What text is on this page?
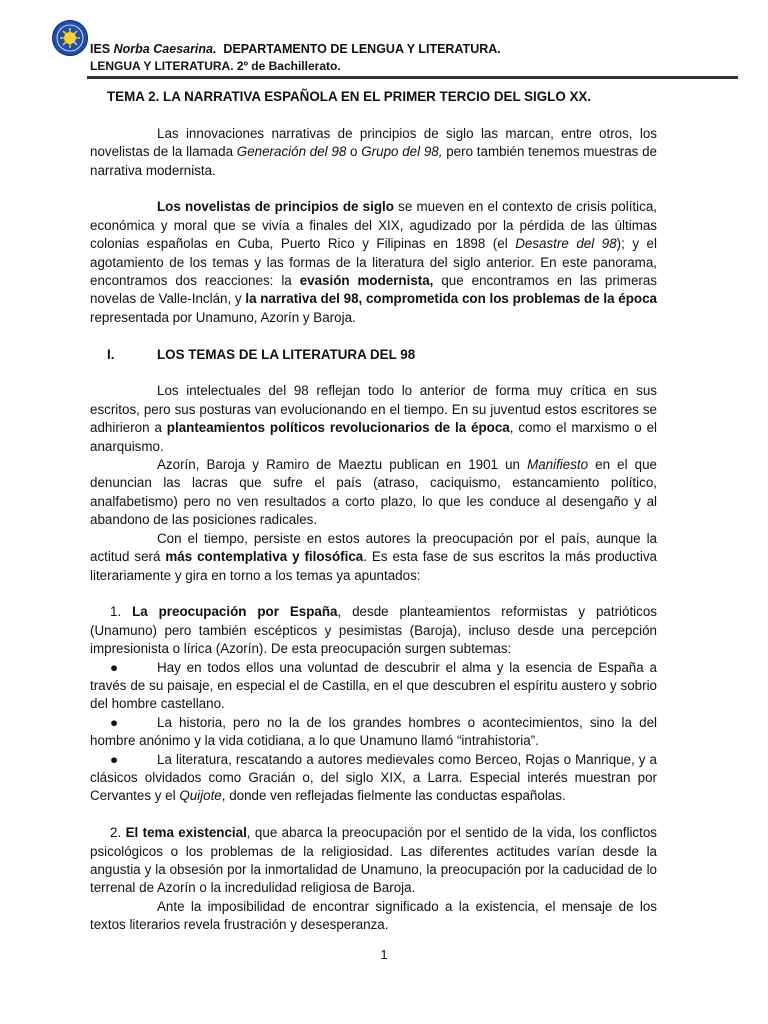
IES Norba Caesarina. DEPARTAMENTO DE LENGUA Y LITERATURA.
LENGUA Y LITERATURA. 2º de Bachillerato.

TEMA 2. LA NARRATIVA ESPAÑOLA EN EL PRIMER TERCIO DEL SIGLO XX.

Las innovaciones narrativas de principios de siglo las marcan, entre otros, los novelistas de la llamada Generación del 98 o Grupo del 98, pero también tenemos muestras de narrativa modernista.

Los novelistas de principios de siglo se mueven en el contexto de crisis política, económica y moral que se vivía a finales del XIX, agudizado por la pérdida de las últimas colonias españolas en Cuba, Puerto Rico y Filipinas en 1898 (el Desastre del 98); y el agotamiento de los temas y las formas de la literatura del siglo anterior. En este panorama, encontramos dos reacciones: la evasión modernista, que encontramos en las primeras novelas de Valle-Inclán, y la narrativa del 98, comprometida con los problemas de la época representada por Unamuno, Azorín y Baroja.

I.	LOS TEMAS DE LA LITERATURA DEL 98

Los intelectuales del 98 reflejan todo lo anterior de forma muy crítica en sus escritos, pero sus posturas van evolucionando en el tiempo. En su juventud estos escritores se adhirieron a planteamientos políticos revolucionarios de la época, como el marxismo o el anarquismo.

Azorín, Baroja y Ramiro de Maeztu publican en 1901 un Manifiesto en el que denuncian las lacras que sufre el país (atraso, caciquismo, estancamiento político, analfabetismo) pero no ven resultados a corto plazo, lo que les conduce al desengaño y al abandono de las posiciones radicales.

Con el tiempo, persiste en estos autores la preocupación por el país, aunque la actitud será más contemplativa y filosófica. Es esta fase de sus escritos la más productiva literariamente y gira en torno a los temas ya apuntados:

1. La preocupación por España, desde planteamientos reformistas y patrióticos (Unamuno) pero también escépticos y pesimistas (Baroja), incluso desde una percepción impresionista o lírica (Azorín). De esta preocupación surgen subtemas:

●	Hay en todos ellos una voluntad de descubrir el alma y la esencia de España a través de su paisaje, en especial el de Castilla, en el que descubren el espíritu austero y sobrio del hombre castellano.

●	La historia, pero no la de los grandes hombres o acontecimientos, sino la del hombre anónimo y la vida cotidiana, a lo que Unamuno llamó “intrahistoria”.

●	La literatura, rescatando a autores medievales como Berceo, Rojas o Manrique, y a clásicos olvidados como Gracián o, del siglo XIX, a Larra. Especial interés muestran por Cervantes y el Quijote, donde ven reflejadas fielmente las conductas españolas.

2. El tema existencial, que abarca la preocupación por el sentido de la vida, los conflictos psicológicos o los problemas de la religiosidad. Las diferentes actitudes varían desde la angustia y la obsesión por la inmortalidad de Unamuno, la preocupación por la caducidad de lo terrenal de Azorín o la incredulidad religiosa de Baroja.

Ante la imposibilidad de encontrar significado a la existencia, el mensaje de los textos literarios revela frustración y desesperanza.

1
